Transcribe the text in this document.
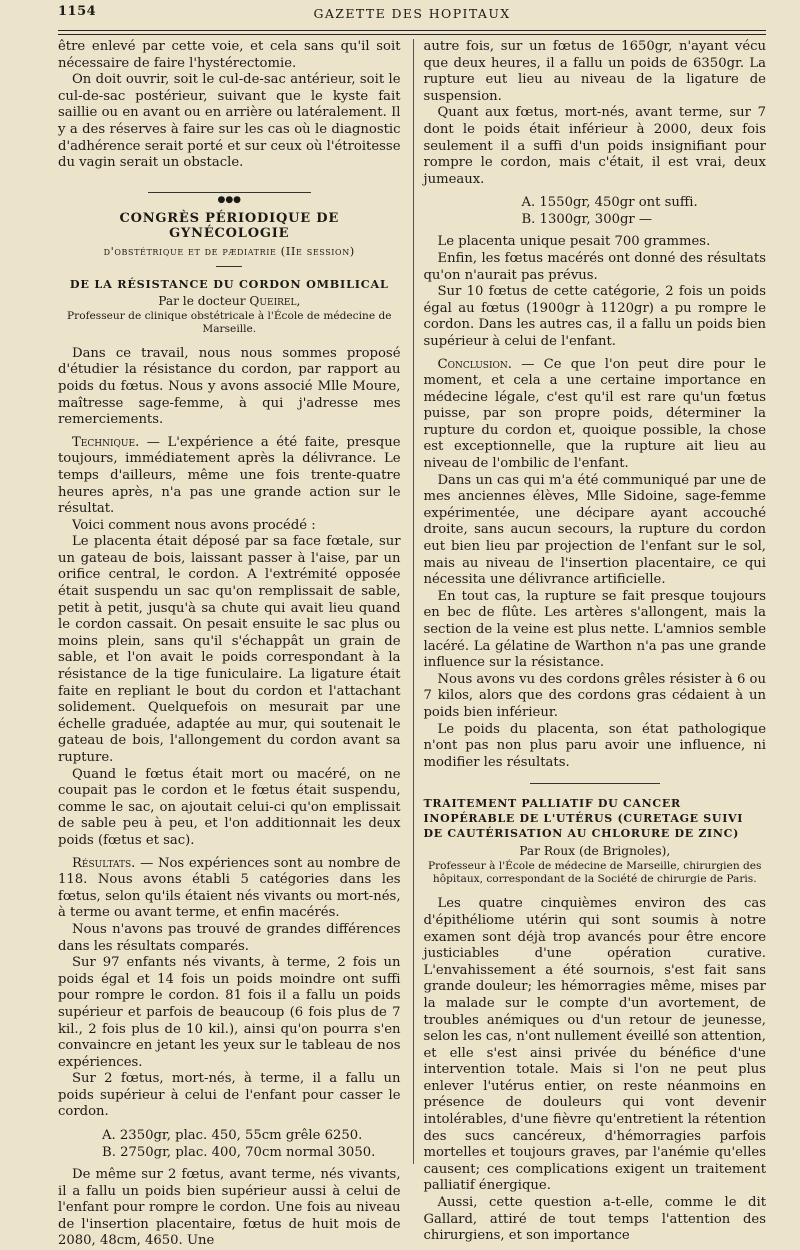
1154	GAZETTE DES HOPITAUX

être enlevé par cette voie, et cela sans qu'il soit nécessaire de faire l'hystérectomie.

On doit ouvrir, soit le cul-de-sac antérieur, soit le cul-de-sac postérieur, suivant que le kyste fait saillie ou en avant ou en arrière ou latéralement. Il y a des réserves à faire sur les cas où le diagnostic d'adhérence serait porté et sur ceux où l'étroitesse du vagin serait un obstacle.

●●●
CONGRÈS PÉRIODIQUE DE GYNÉCOLOGIE
d'obstétrique et de pædiatrie (IIe session)
DE LA RÉSISTANCE DU CORDON OMBILICAL
Par le docteur Queirel,
Professeur de clinique obstétricale à l'École de médecine de Marseille.

Dans ce travail, nous nous sommes proposé d'étudier la résistance du cordon, par rapport au poids du fœtus. Nous y avons associé Mlle Moure, maîtresse sage-femme, à qui j'adresse mes remerciements.

Technique. — L'expérience a été faite, presque toujours, immédiatement après la délivrance. Le temps d'ailleurs, même une fois trente-quatre heures après, n'a pas une grande action sur le résultat.

Voici comment nous avons procédé :

Le placenta était déposé par sa face fœtale, sur un gateau de bois, laissant passer à l'aise, par un orifice central, le cordon. A l'extrémité opposée était suspendu un sac qu'on remplissait de sable, petit à petit, jusqu'à sa chute qui avait lieu quand le cordon cassait. On pesait ensuite le sac plus ou moins plein, sans qu'il s'échappât un grain de sable, et l'on avait le poids correspondant à la résistance de la tige funiculaire. La ligature était faite en repliant le bout du cordon et l'attachant solidement. Quelquefois on mesurait par une échelle graduée, adaptée au mur, qui soutenait le gateau de bois, l'allongement du cordon avant sa rupture.

Quand le fœtus était mort ou macéré, on ne coupait pas le cordon et le fœtus était suspendu, comme le sac, on ajoutait celui-ci qu'on emplissait de sable peu à peu, et l'on additionnait les deux poids (fœtus et sac).

Résultats. — Nos expériences sont au nombre de 118. Nous avons établi 5 catégories dans les fœtus, selon qu'ils étaient nés vivants ou mort-nés, à terme ou avant terme, et enfin macérés.

Nous n'avons pas trouvé de grandes différences dans les résultats comparés.

Sur 97 enfants nés vivants, à terme, 2 fois un poids égal et 14 fois un poids moindre ont suffi pour rompre le cordon. 81 fois il a fallu un poids supérieur et parfois de beaucoup (6 fois plus de 7 kil., 2 fois plus de 10 kil.), ainsi qu'on pourra s'en convaincre en jetant les yeux sur le tableau de nos expériences.

Sur 2 fœtus, mort-nés, à terme, il a fallu un poids supérieur à celui de l'enfant pour casser le cordon.

A. 2350gr, plac. 450, 55cm grêle 6250.
B. 2750gr, plac. 400, 70cm normal 3050.

De même sur 2 fœtus, avant terme, nés vivants, il a fallu un poids bien supérieur aussi à celui de l'enfant pour rompre le cordon. Une fois au niveau de l'insertion placentaire, fœtus de huit mois de 2080, 48cm, 4650. Une

autre fois, sur un fœtus de 1650gr, n'ayant vécu que deux heures, il a fallu un poids de 6350gr. La rupture eut lieu au niveau de la ligature de suspension.

Quant aux fœtus, mort-nés, avant terme, sur 7 dont le poids était inférieur à 2000, deux fois seulement il a suffi d'un poids insignifiant pour rompre le cordon, mais c'était, il est vrai, deux jumeaux.

A. 1550gr, 450gr ont suffi.
B. 1300gr, 300gr —

Le placenta unique pesait 700 grammes.

Enfin, les fœtus macérés ont donné des résultats qu'on n'aurait pas prévus.

Sur 10 fœtus de cette catégorie, 2 fois un poids égal au fœtus (1900gr à 1120gr) a pu rompre le cordon. Dans les autres cas, il a fallu un poids bien supérieur à celui de l'enfant.

Conclusion. — Ce que l'on peut dire pour le moment, et cela a une certaine importance en médecine légale, c'est qu'il est rare qu'un fœtus puisse, par son propre poids, déterminer la rupture du cordon et, quoique possible, la chose est exceptionnelle, que la rupture ait lieu au niveau de l'ombilic de l'enfant.

Dans un cas qui m'a été communiqué par une de mes anciennes élèves, Mlle Sidoine, sage-femme expérimentée, une décipare ayant accouché droite, sans aucun secours, la rupture du cordon eut bien lieu par projection de l'enfant sur le sol, mais au niveau de l'insertion placentaire, ce qui nécessita une délivrance artificielle.

En tout cas, la rupture se fait presque toujours en bec de flûte. Les artères s'allongent, mais la section de la veine est plus nette. L'amnios semble lacéré. La gélatine de Warthon n'a pas une grande influence sur la résistance.

Nous avons vu des cordons grêles résister à 6 ou 7 kilos, alors que des cordons gras cédaient à un poids bien inférieur.

Le poids du placenta, son état pathologique n'ont pas non plus paru avoir une influence, ni modifier les résultats.

TRAITEMENT PALLIATIF DU CANCER INOPÉRABLE DE L'UTÉRUS (CURETAGE SUIVI DE CAUTÉRISATION AU CHLORURE DE ZINC)
Par Roux (de Brignoles),
Professeur à l'École de médecine de Marseille, chirurgien des hôpitaux, correspondant de la Société de chirurgie de Paris.

Les quatre cinquièmes environ des cas d'épithéliome utérin qui sont soumis à notre examen sont déjà trop avancés pour être encore justiciables d'une opération curative. L'envahissement a été sournois, s'est fait sans grande douleur; les hémorragies même, mises par la malade sur le compte d'un avortement, de troubles anémiques ou d'un retour de jeunesse, selon les cas, n'ont nullement éveillé son attention, et elle s'est ainsi privée du bénéfice d'une intervention totale. Mais si l'on ne peut plus enlever l'utérus entier, on reste néanmoins en présence de douleurs qui vont devenir intolérables, d'une fièvre qu'entretient la rétention des sucs cancéreux, d'hémorragies parfois mortelles et toujours graves, par l'anémie qu'elles causent; ces complications exigent un traitement palliatif énergique.

Aussi, cette question a-t-elle, comme le dit Gallard, attiré de tout temps l'attention des chirurgiens, et son importance
